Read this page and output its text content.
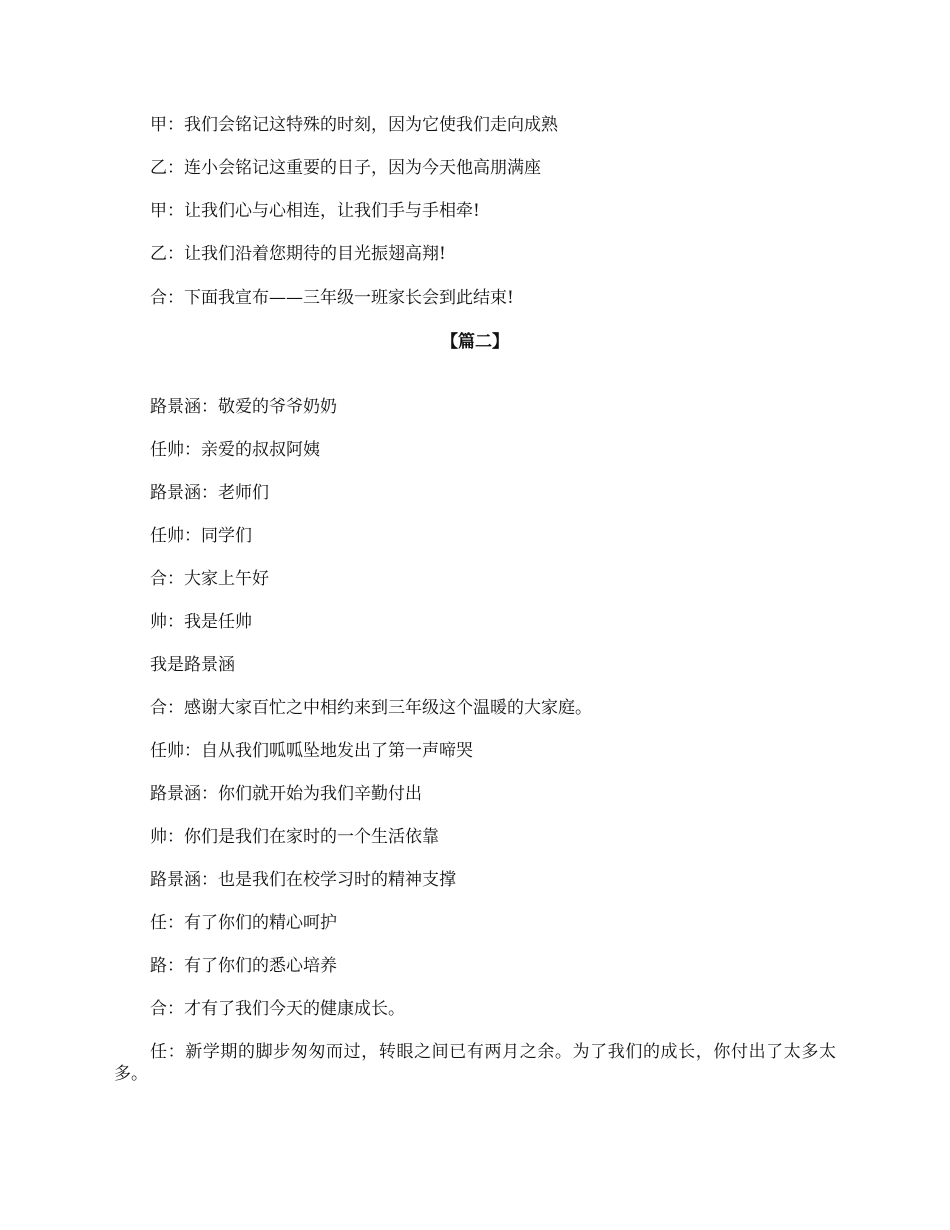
甲：我们会铭记这特殊的时刻，因为它使我们走向成熟
乙：连小会铭记这重要的日子，因为今天他高朋满座
甲：让我们心与心相连，让我们手与手相牵!
乙：让我们沿着您期待的目光振翅高翔!
合：下面我宣布——三年级一班家长会到此结束!
【篇二】
路景涵：敬爱的爷爷奶奶
任帅：亲爱的叔叔阿姨
路景涵：老师们
任帅：同学们
合：大家上午好
帅：我是任帅
我是路景涵
合：感谢大家百忙之中相约来到三年级这个温暖的大家庭。
任帅：自从我们呱呱坠地发出了第一声啼哭
路景涵：你们就开始为我们辛勤付出
帅：你们是我们在家时的一个生活依靠
路景涵：也是我们在校学习时的精神支撑
任：有了你们的精心呵护
路：有了你们的悉心培养
合：才有了我们今天的健康成长。
任：新学期的脚步匆匆而过，转眼之间已有两月之余。为了我们的成长，你付出了太多太多。
